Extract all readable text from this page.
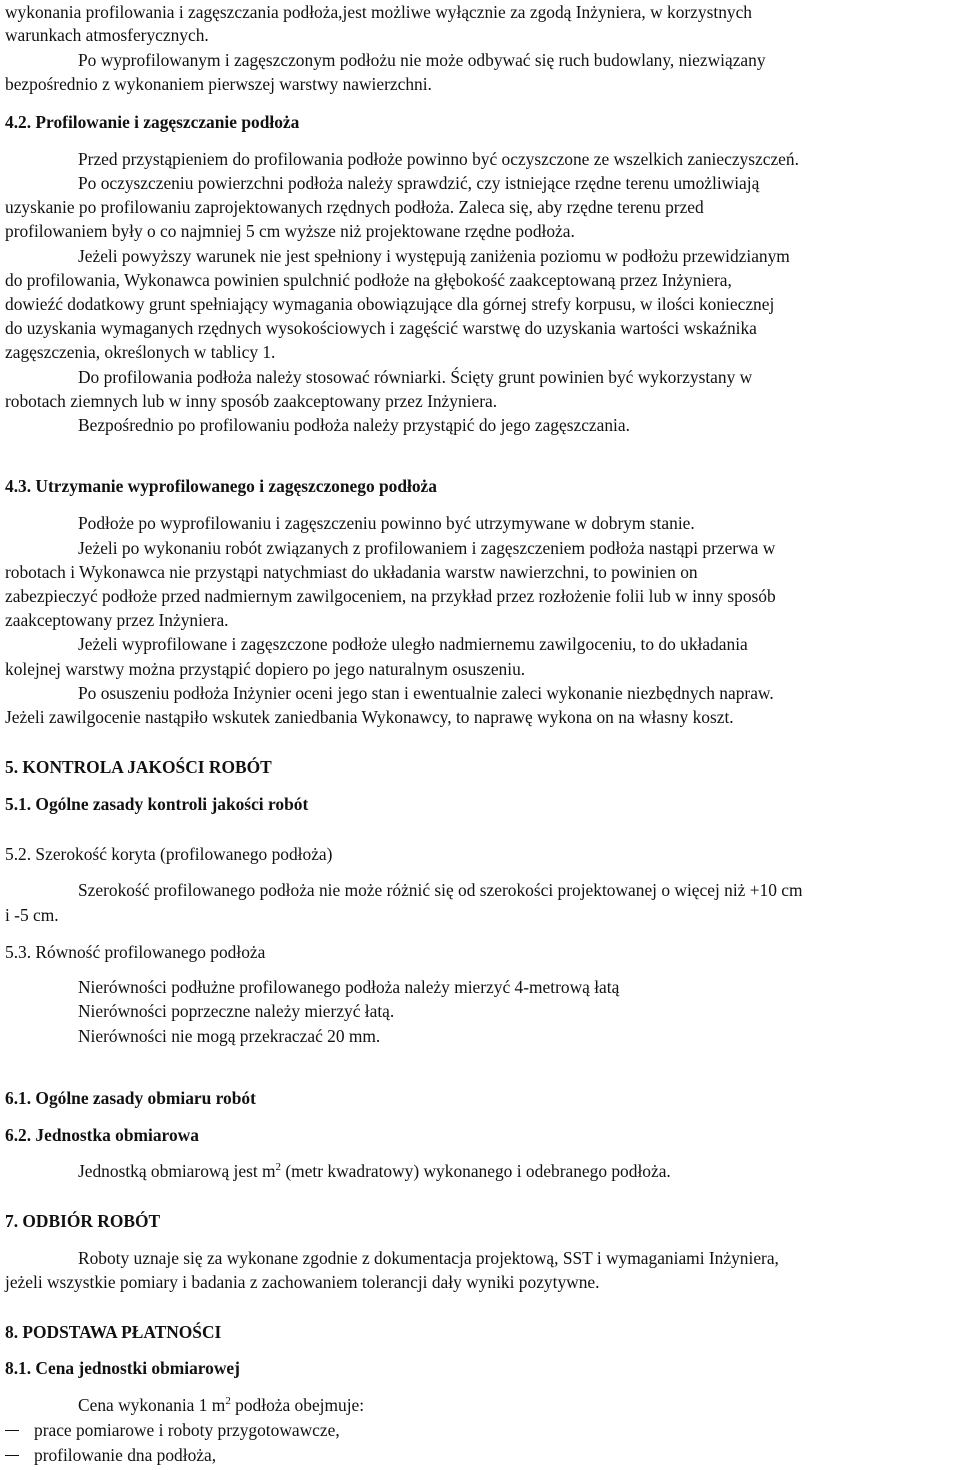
wykonania profilowania i zagęszczania podłoża,jest możliwe wyłącznie za zgodą Inżyniera, w korzystnych
warunkach atmosferycznych.
Po wyprofilowanym i zagęszczonym podłożu nie może odbywać się ruch budowlany, niezwiązany
bezpośrednio z wykonaniem pierwszej warstwy nawierzchni.
4.2. Profilowanie i zagęszczanie podłoża
Przed przystąpieniem do profilowania podłoże powinno być oczyszczone ze wszelkich zanieczyszczeń.
Po oczyszczeniu powierzchni podłoża należy sprawdzić, czy istniejące rzędne terenu umożliwiają
uzyskanie po profilowaniu zaprojektowanych rzędnych podłoża. Zaleca się, aby rzędne terenu przed
profilowaniem były o co najmniej 5 cm wyższe niż projektowane rzędne podłoża.
Jeżeli powyższy warunek nie jest spełniony i występują zaniżenia poziomu w podłożu przewidzianym
do profilowania, Wykonawca powinien spulchnić podłoże na głębokość zaakceptowaną przez Inżyniera,
dowieźć dodatkowy grunt spełniający wymagania obowiązujące dla górnej strefy korpusu, w ilości koniecznej
do uzyskania wymaganych rzędnych wysokościowych i zagęścić warstwę do uzyskania wartości wskaźnika
zagęszczenia, określonych w tablicy 1.
Do profilowania podłoża należy stosować równiarki. Ścięty grunt powinien być wykorzystany w
robotach ziemnych lub w inny sposób zaakceptowany przez Inżyniera.
Bezpośrednio po profilowaniu podłoża należy przystąpić do jego zagęszczania.
4.3. Utrzymanie wyprofilowanego i zagęszczonego podłoża
Podłoże po wyprofilowaniu i zagęszczeniu powinno być utrzymywane w dobrym stanie.
Jeżeli po wykonaniu robót związanych z profilowaniem i zagęszczeniem podłoża nastąpi przerwa w
robotach i Wykonawca nie przystąpi natychmiast do układania warstw nawierzchni, to powinien on
zabezpieczyć podłoże przed nadmiernym zawilgoceniem, na przykład przez rozłożenie folii lub w inny sposób
zaakceptowany przez Inżyniera.
Jeżeli wyprofilowane i zagęszczone podłoże uległo nadmiernemu zawilgoceniu, to do układania
kolejnej warstwy można przystąpić dopiero po jego naturalnym osuszeniu.
Po osuszeniu podłoża Inżynier oceni jego stan i ewentualnie zaleci wykonanie niezbędnych napraw.
Jeżeli zawilgocenie nastąpiło wskutek zaniedbania Wykonawcy, to naprawę wykona on na własny koszt.
5. KONTROLA JAKOŚCI ROBÓT
5.1. Ogólne zasady kontroli jakości robót
5.2. Szerokość koryta (profilowanego podłoża)
Szerokość profilowanego podłoża nie może różnić się od szerokości projektowanej o więcej niż +10 cm
i -5 cm.
5.3. Równość profilowanego podłoża
Nierówności podłużne profilowanego podłoża należy mierzyć 4-metrową łatą
Nierówności poprzeczne należy mierzyć łatą.
Nierówności nie mogą przekraczać 20 mm.
6.1. Ogólne zasady obmiaru robót
6.2. Jednostka obmiarowa
Jednostką obmiarową jest $m^2$ (metr kwadratowy) wykonanego i odebranego podłoża.
7. ODBIÓR ROBÓT
Roboty uznaje się za wykonane zgodnie z dokumentacja projektową, SST i wymaganiami Inżyniera,
jeżeli wszystkie pomiary i badania z zachowaniem tolerancji dały wyniki pozytywne.
8. PODSTAWA PŁATNOŚCI
8.1. Cena jednostki obmiarowej
Cena wykonania 1 $m^2$ podłoża obejmuje:
prace pomiarowe i roboty przygotowawcze,
profilowanie dna podłoża,
